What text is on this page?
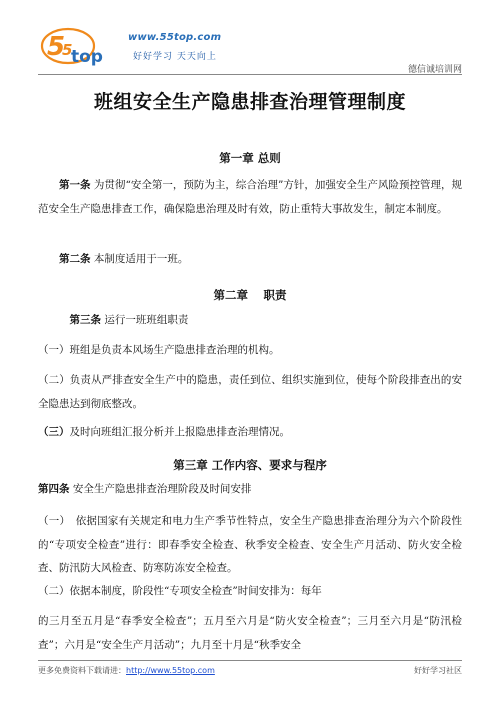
5
5
top
www.55top.com
好好学习 天天向上
德信诚培训网
班组安全生产隐患排查治理管理制度
第一章 总则
第一条 为贯彻“安全第一，预防为主，综合治理”方针，加强安全生产风险预控管理，规范安全生产隐患排查工作，确保隐患治理及时有效，防止重特大事故发生，制定本制度。
第二条 本制度适用于一班。
第二章　 职责
第三条 运行一班班组职责
（一）班组是负责本风场生产隐患排查治理的机构。
（二）负责从严排查安全生产中的隐患，责任到位、组织实施到位，使每个阶段排查出的安全隐患达到彻底整改。
（三）及时向班组汇报分析并上报隐患排查治理情况。
第三章 工作内容、要求与程序
第四条 安全生产隐患排查治理阶段及时间安排
（一）　依据国家有关规定和电力生产季节性特点，安全生产隐患排查治理分为六个阶段性的“专项安全检查”进行：即春季安全检查、秋季安全检查、安全生产月活动、防火安全检查、防汛防大风检查、防寒防冻安全检查。
（二）依据本制度，阶段性“专项安全检查”时间安排为：每年
的三月至五月是“春季安全检查”；五月至六月是“防火安全检查”；三月至六月是“防汛检查”；六月是“安全生产月活动”；九月至十月是“秋季安全
更多免费资料下载请进：http://www.55top.com	好好学习社区
